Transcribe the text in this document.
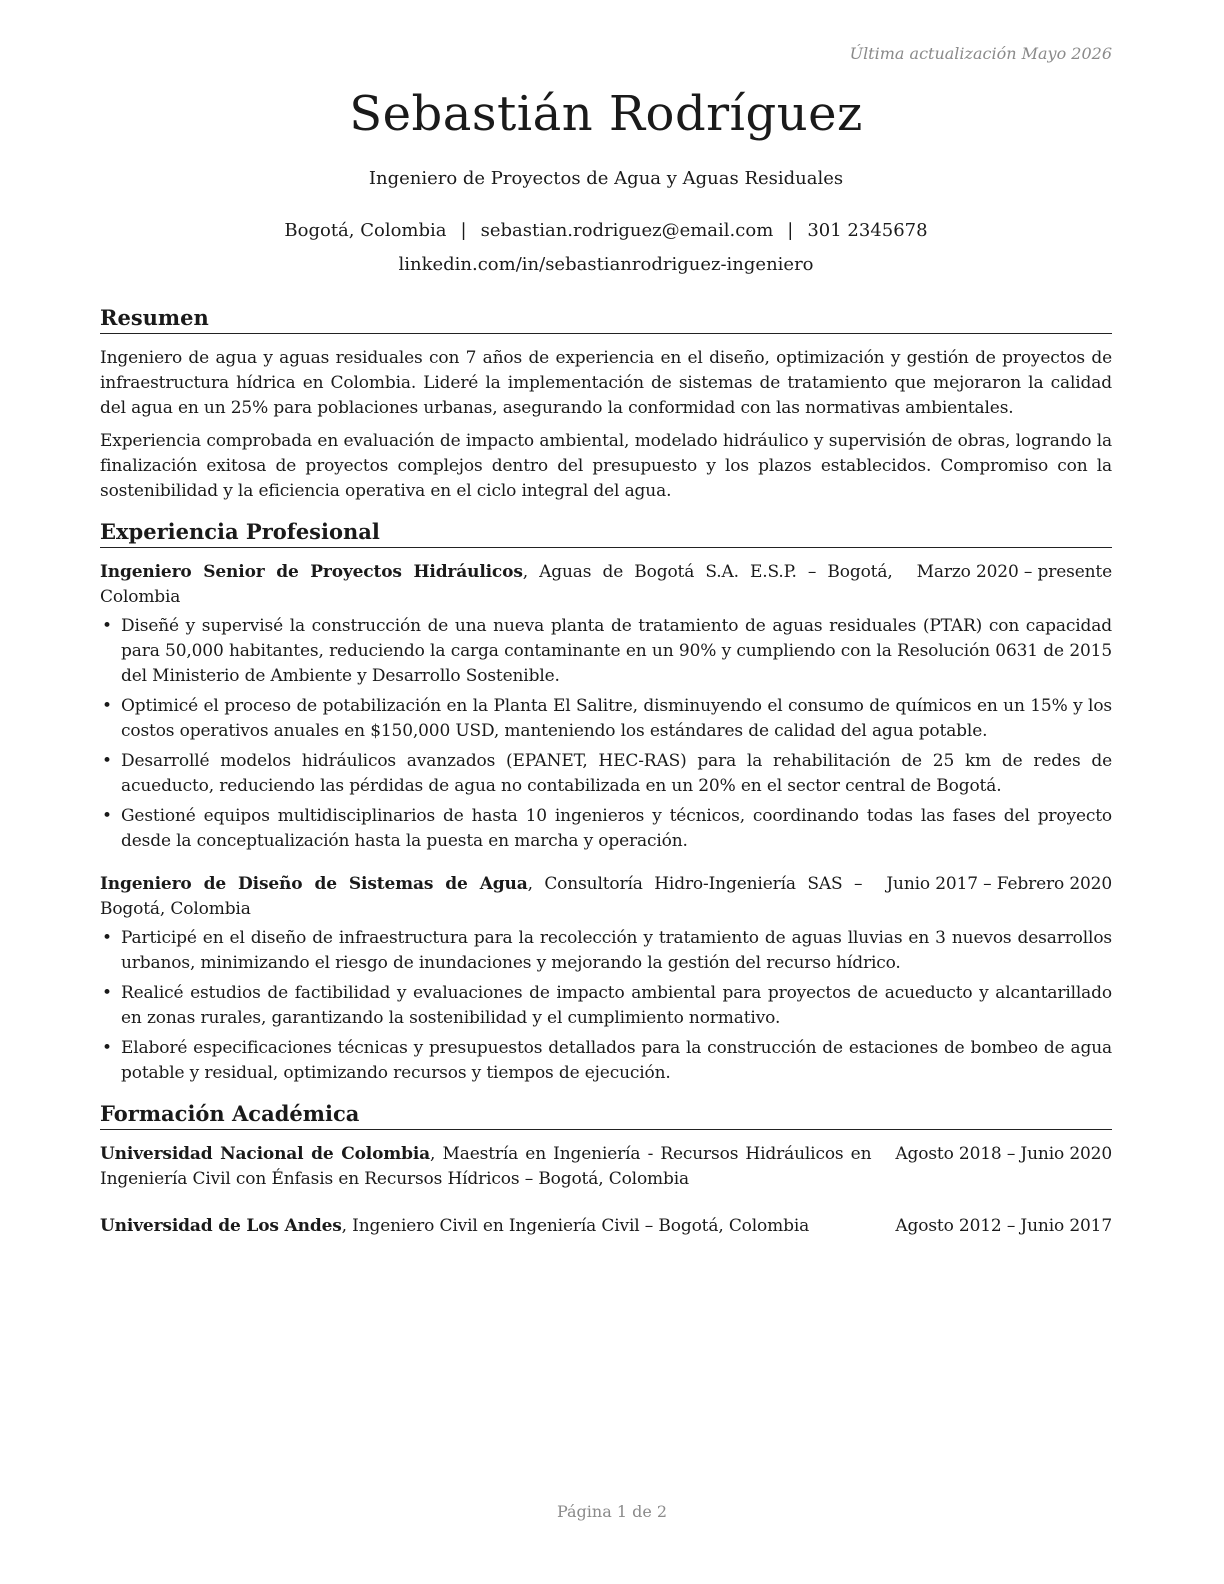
Última actualización Mayo 2026
Sebastián Rodríguez
Ingeniero de Proyectos de Agua y Aguas Residuales
Bogotá, Colombia | sebastian.rodriguez@email.com | 301 2345678
linkedin.com/in/sebastianrodriguez-ingeniero
Resumen

Ingeniero de agua y aguas residuales con 7 años de experiencia en el diseño, optimización y gestión de proyectos de infraestructura hídrica en Colombia. Lideré la implementación de sistemas de tratamiento que mejoraron la calidad del agua en un 25% para poblaciones urbanas, asegurando la conformidad con las normativas ambientales.

Experiencia comprobada en evaluación de impacto ambiental, modelado hidráulico y supervisión de obras, logrando la finalización exitosa de proyectos complejos dentro del presupuesto y los plazos establecidos. Compromiso con la sostenibilidad y la eficiencia operativa en el ciclo integral del agua.

Experiencia Profesional
Ingeniero Senior de Proyectos Hidráulicos, Aguas de Bogotá S.A. E.S.P. – Bogotá, Colombia
Marzo 2020 – presente
• Diseñé y supervisé la construcción de una nueva planta de tratamiento de aguas residuales (PTAR) con capacidad para 50,000 habitantes, reduciendo la carga contaminante en un 90% y cumpliendo con la Resolución 0631 de 2015 del Ministerio de Ambiente y Desarrollo Sostenible.
• Optimicé el proceso de potabilización en la Planta El Salitre, disminuyendo el consumo de químicos en un 15% y los costos operativos anuales en $150,000 USD, manteniendo los estándares de calidad del agua potable.
• Desarrollé modelos hidráulicos avanzados (EPANET, HEC-RAS) para la rehabilitación de 25 km de redes de acueducto, reduciendo las pérdidas de agua no contabilizada en un 20% en el sector central de Bogotá.
• Gestioné equipos multidisciplinarios de hasta 10 ingenieros y técnicos, coordinando todas las fases del proyecto desde la conceptualización hasta la puesta en marcha y operación.
Ingeniero de Diseño de Sistemas de Agua, Consultoría Hidro-Ingeniería SAS – Bogotá, Colombia
Junio 2017 – Febrero 2020
• Participé en el diseño de infraestructura para la recolección y tratamiento de aguas lluvias en 3 nuevos desarrollos urbanos, minimizando el riesgo de inundaciones y mejorando la gestión del recurso hídrico.
• Realicé estudios de factibilidad y evaluaciones de impacto ambiental para proyectos de acueducto y alcantarillado en zonas rurales, garantizando la sostenibilidad y el cumplimiento normativo.
• Elaboré especificaciones técnicas y presupuestos detallados para la construcción de estaciones de bombeo de agua potable y residual, optimizando recursos y tiempos de ejecución.
Formación Académica
Universidad Nacional de Colombia, Maestría en Ingeniería - Recursos Hidráulicos en Ingeniería Civil con Énfasis en Recursos Hídricos – Bogotá, Colombia
Agosto 2018 – Junio 2020
Universidad de Los Andes, Ingeniero Civil en Ingeniería Civil – Bogotá, Colombia	Agosto 2012 – Junio 2017
Página 1 de 2
